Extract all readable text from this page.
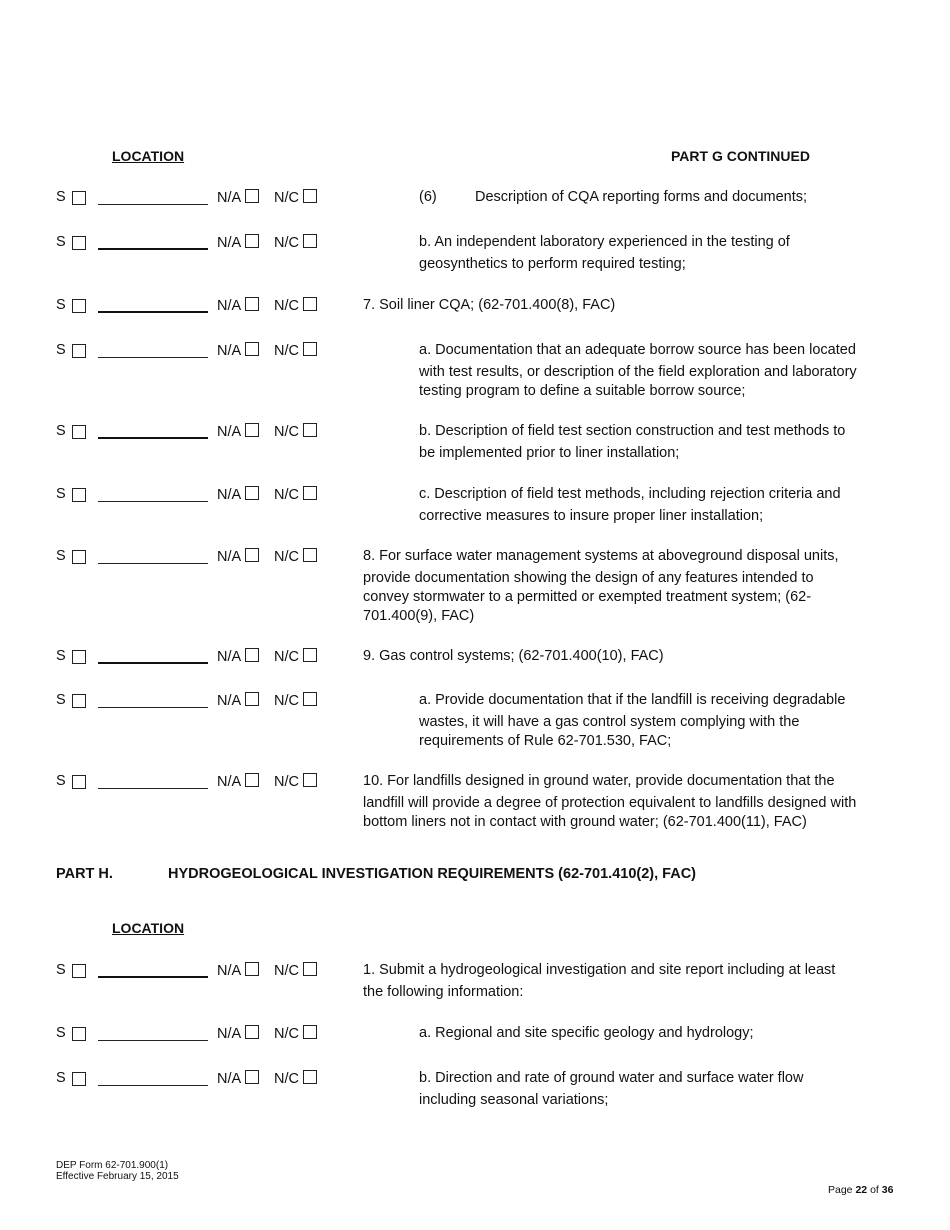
LOCATION	PART G CONTINUED
S	N/A	N/C	(6)	Description of CQA reporting forms and documents;
S	N/A	N/C	b. An independent laboratory experienced in the testing of
geosynthetics to perform required testing;
S	N/A	N/C	7. Soil liner CQA; (62-701.400(8), FAC)
S	N/A	N/C	a. Documentation that an adequate borrow source has been located
with test results, or description of the field exploration and laboratory
testing program to define a suitable borrow source;
S	N/A	N/C	b. Description of field test section construction and test methods to
be implemented prior to liner installation;
S	N/A	N/C	c. Description of field test methods, including rejection criteria and
corrective measures to insure proper liner installation;
S	N/A	N/C	8. For surface water management systems at aboveground disposal units,
provide documentation showing the design of any features intended to
convey stormwater to a permitted or exempted treatment system; (62-
701.400(9), FAC)
S	N/A	N/C	9. Gas control systems; (62-701.400(10), FAC)
S	N/A	N/C	a. Provide documentation that if the landfill is receiving degradable
wastes, it will have a gas control system complying with the
requirements of Rule 62-701.530, FAC;
S	N/A	N/C	10. For landfills designed in ground water, provide documentation that the
landfill will provide a degree of protection equivalent to landfills designed with
bottom liners not in contact with ground water; (62-701.400(11), FAC)
PART H.	HYDROGEOLOGICAL INVESTIGATION REQUIREMENTS (62-701.410(2), FAC)
LOCATION
S	N/A	N/C	1. Submit a hydrogeological investigation and site report including at least
the following information:
S	N/A	N/C	a. Regional and site specific geology and hydrology;
S	N/A	N/C	b. Direction and rate of ground water and surface water flow
including seasonal variations;
DEP Form 62-701.900(1)
Effective February 15, 2015
Page 22 of 36
